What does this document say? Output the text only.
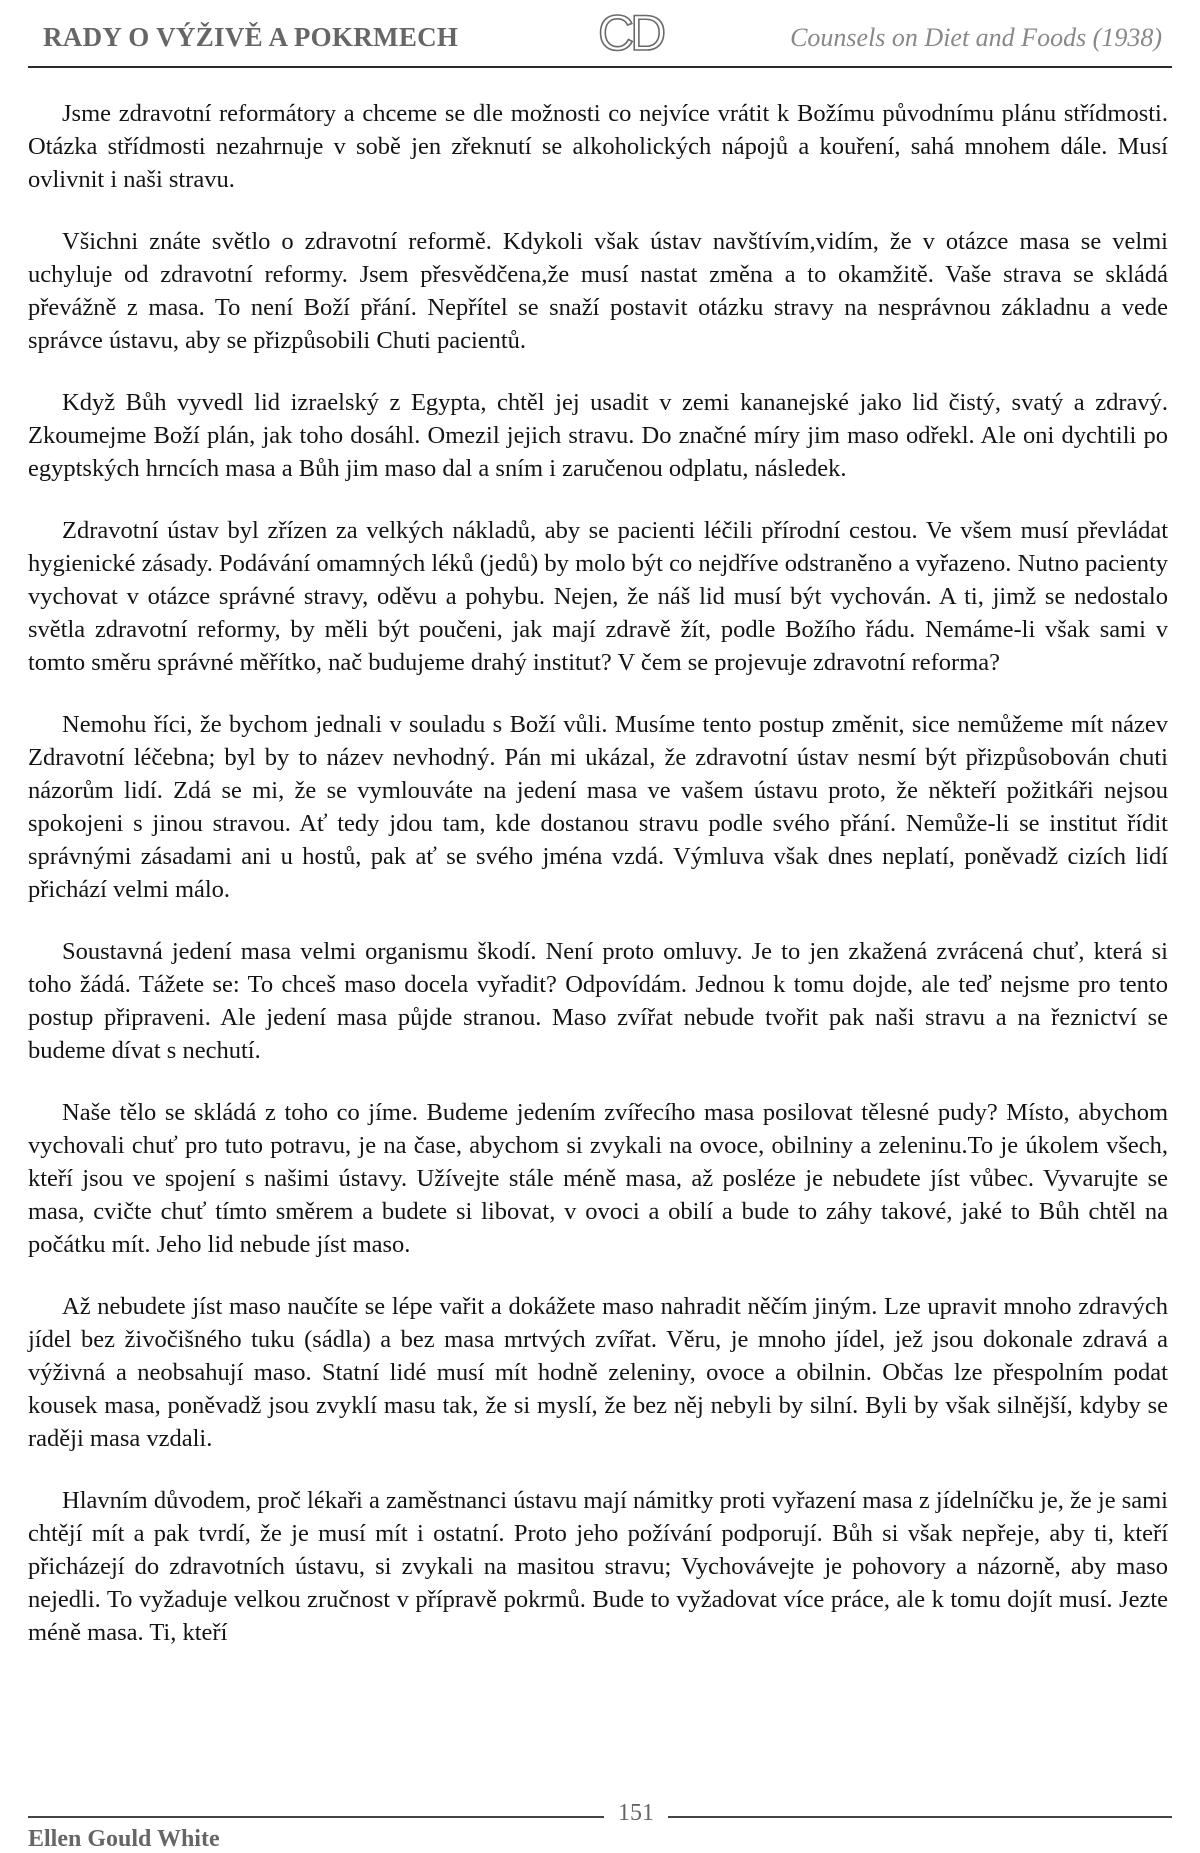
RADY O VÝŽIVĚ A POKRMECH	CD	Counsels on Diet and Foods (1938)

Jsme zdravotní reformátory a chceme se dle možnosti co nejvíce vrátit k Božímu původnímu plánu střídmosti. Otázka střídmosti nezahrnuje v sobě jen zřeknutí se alkoholických nápojů a kouření, sahá mnohem dále. Musí ovlivnit i naši stravu.

Všichni znáte světlo o zdravotní reformě. Kdykoli však ústav navštívím,vidím, že v otázce masa se velmi uchyluje od zdravotní reformy. Jsem přesvědčena,že musí nastat změna a to okamžitě. Vaše strava se skládá převážně z masa. To není Boží přání. Nepřítel se snaží postavit otázku stravy na nesprávnou základnu a vede správce ústavu, aby se přizpůsobili Chuti pacientů.

Když Bůh vyvedl lid izraelský z Egypta, chtěl jej usadit v zemi kananejské jako lid čistý, svatý a zdravý. Zkoumejme Boží plán, jak toho dosáhl. Omezil jejich stravu. Do značné míry jim maso odřekl. Ale oni dychtili po egyptských hrncích masa a Bůh jim maso dal a sním i zaručenou odplatu, následek.

Zdravotní ústav byl zřízen za velkých nákladů, aby se pacienti léčili přírodní cestou. Ve všem musí převládat hygienické zásady. Podávání omamných léků (jedů) by molo být co nejdříve odstraněno a vyřazeno. Nutno pacienty vychovat v otázce správné stravy, oděvu a pohybu. Nejen, že náš lid musí být vychován. A ti, jimž se nedostalo světla zdravotní reformy, by měli být poučeni, jak mají zdravě žít, podle Božího řádu. Nemáme-li však sami v tomto směru správné měřítko, nač budujeme drahý institut? V čem se projevuje zdravotní reforma?

Nemohu říci, že bychom jednali v souladu s Boží vůli. Musíme tento postup změnit, sice nemůžeme mít název Zdravotní léčebna; byl by to název nevhodný. Pán mi ukázal, že zdravotní ústav nesmí být přizpůsobován chuti názorům lidí. Zdá se mi, že se vymlouváte na jedení masa ve vašem ústavu proto, že někteří požitkáři nejsou spokojeni s jinou stravou. Ať tedy jdou tam, kde dostanou stravu podle svého přání. Nemůže-li se institut řídit správnými zásadami ani u hostů, pak ať se svého jména vzdá. Výmluva však dnes neplatí, poněvadž cizích lidí přichází velmi málo.

Soustavná jedení masa velmi organismu škodí. Není proto omluvy. Je to jen zkažená zvrácená chuť, která si toho žádá. Tážete se: To chceš maso docela vyřadit? Odpovídám. Jednou k tomu dojde, ale teď nejsme pro tento postup připraveni. Ale jedení masa půjde stranou. Maso zvířat nebude tvořit pak naši stravu a na řeznictví se budeme dívat s nechutí.

Naše tělo se skládá z toho co jíme. Budeme jedením zvířecího masa posilovat tělesné pudy? Místo, abychom vychovali chuť pro tuto potravu, je na čase, abychom si zvykali na ovoce, obilniny a zeleninu.To je úkolem všech, kteří jsou ve spojení s našimi ústavy. Užívejte stále méně masa, až posléze je nebudete jíst vůbec. Vyvarujte se masa, cvičte chuť tímto směrem a budete si libovat, v ovoci a obilí a bude to záhy takové, jaké to Bůh chtěl na počátku mít. Jeho lid nebude jíst maso.

Až nebudete jíst maso naučíte se lépe vařit a dokážete maso nahradit něčím jiným. Lze upravit mnoho zdravých jídel bez živočišného tuku (sádla) a bez masa mrtvých zvířat. Věru, je mnoho jídel, jež jsou dokonale zdravá a výživná a neobsahují maso. Statní lidé musí mít hodně zeleniny, ovoce a obilnin. Občas lze přespolním podat kousek masa, poněvadž jsou zvyklí masu tak, že si myslí, že bez něj nebyli by silní. Byli by však silnější, kdyby se raději masa vzdali.

Hlavním důvodem, proč lékaři a zaměstnanci ústavu mají námitky proti vyřazení masa z jídelníčku je, že je sami chtějí mít a pak tvrdí, že je musí mít i ostatní. Proto jeho požívání podporují. Bůh si však nepřeje, aby ti, kteří přicházejí do zdravotních ústavu, si zvykali na masitou stravu; Vychovávejte je pohovory a názorně, aby maso nejedli. To vyžaduje velkou zručnost v přípravě pokrmů. Bude to vyžadovat více práce, ale k tomu dojít musí. Jezte méně masa. Ti, kteří

151
Ellen Gould White
